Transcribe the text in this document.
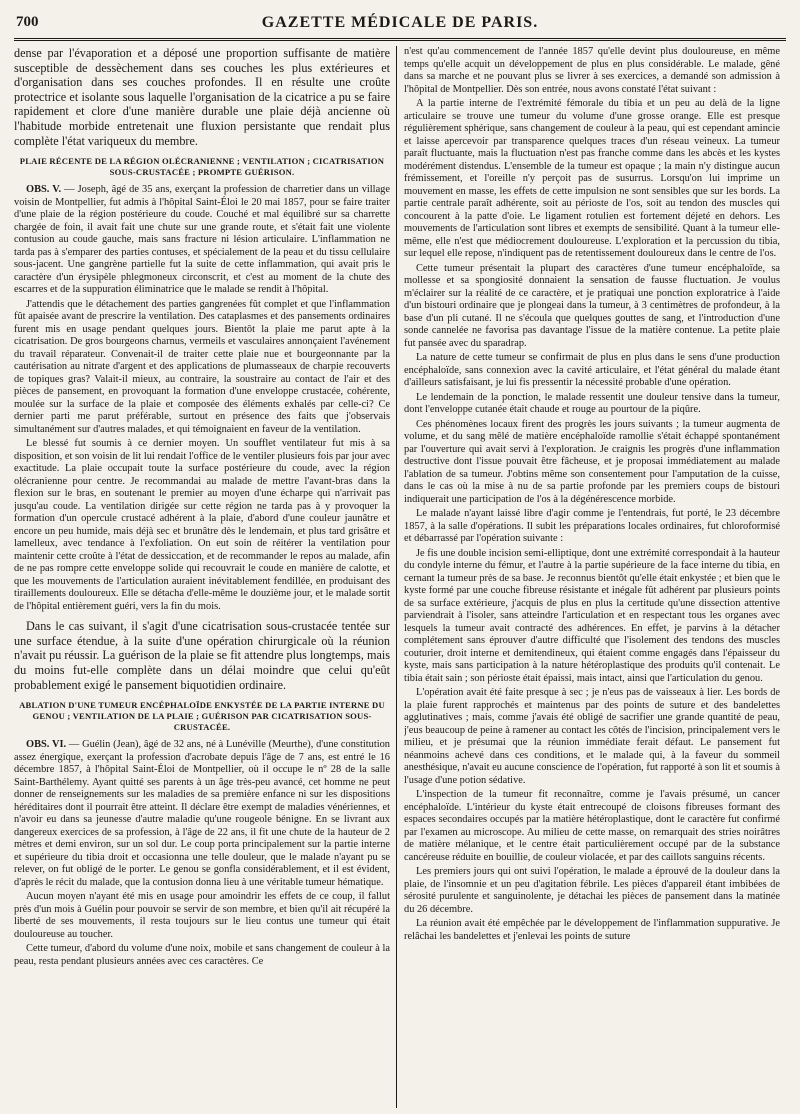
700	GAZETTE MÉDICALE DE PARIS.

dense par l'évaporation et a déposé une proportion suffisante de matière susceptible de dessèchement dans ses couches les plus extérieures et d'organisation dans ses couches profondes. Il en résulte une croûte protectrice et isolante sous laquelle l'organisation de la cicatrice a pu se faire rapidement et clore d'une manière durable une plaie déjà ancienne où l'habitude morbide entretenait une fluxion persistante que rendait plus complète l'état variqueux du membre.

PLAIE RÉCENTE DE LA RÉGION OLÉCRANIENNE ; VENTILATION ; CICATRISATION SOUS-CRUSTACÉE ; PROMPTE GUÉRISON.

OBS. V. — Joseph, âgé de 35 ans, exerçant la profession de charretier dans un village voisin de Montpellier, fut admis à l'hôpital Saint-Éloi le 20 mai 1857, pour se faire traiter d'une plaie de la région postérieure du coude. Couché et mal équilibré sur sa charrette chargée de foin, il avait fait une chute sur une grande route, et s'était fait une violente contusion au coude gauche, mais sans fracture ni lésion articulaire. L'inflammation ne tarda pas à s'emparer des parties contuses, et spécialement de la peau et du tissu cellulaire sous-jacent. Une gangrène partielle fut la suite de cette inflammation, qui avait pris le caractère d'un érysipèle phlegmoneux circonscrit, et c'est au moment de la chute des escarres et de la suppuration éliminatrice que le malade se rendit à l'hôpital.

J'attendis que le détachement des parties gangrenées fût complet et que l'inflammation fût apaisée avant de prescrire la ventilation. Des cataplasmes et des pansements ordinaires furent mis en usage pendant quelques jours. Bientôt la plaie me parut apte à la cicatrisation. De gros bourgeons charnus, vermeils et vasculaires annonçaient l'avénement du travail réparateur. Convenait-il de traiter cette plaie nue et bourgeonnante par la cautérisation au nitrate d'argent et des applications de plumasseaux de charpie recouverts de topiques gras? Valait-il mieux, au contraire, la soustraire au contact de l'air et des pièces de pansement, en provoquant la formation d'une enveloppe crustacée, cohérente, moulée sur la surface de la plaie et composée des éléments exhalés par celle-ci? Ce dernier parti me parut préférable, surtout en présence des faits que j'observais simultanément sur d'autres malades, et qui témoignaient en faveur de la ventilation.

Le blessé fut soumis à ce dernier moyen. Un soufflet ventilateur fut mis à sa disposition, et son voisin de lit lui rendait l'office de le ventiler plusieurs fois par jour avec exactitude. La plaie occupait toute la surface postérieure du coude, avec la région olécranienne pour centre. Je recommandai au malade de mettre l'avant-bras dans la flexion sur le bras, en soutenant le premier au moyen d'une écharpe qui n'arrivait pas jusqu'au coude. La ventilation dirigée sur cette région ne tarda pas à y provoquer la formation d'un opercule crustacé adhérent à la plaie, d'abord d'une couleur jaunâtre et encore un peu humide, mais déjà sec et brunâtre dès le lendemain, et plus tard grisâtre et lamelleux, avec tendance à l'exfoliation. On eut soin de réitérer la ventilation pour maintenir cette croûte à l'état de dessiccation, et de recommander le repos au malade, afin de ne pas rompre cette enveloppe solide qui recouvrait le coude en manière de calotte, et que les mouvements de l'articulation auraient inévitablement fendillée, en produisant des tiraillements douloureux. Elle se détacha d'elle-même le douzième jour, et le malade sortit de l'hôpital entièrement guéri, vers la fin du mois.

Dans le cas suivant, il s'agit d'une cicatrisation sous-crustacée tentée sur une surface étendue, à la suite d'une opération chirurgicale où la réunion n'avait pu réussir. La guérison de la plaie se fit attendre plus longtemps, mais du moins fut-elle complète dans un délai moindre que celui qu'eût probablement exigé le pansement biquotidien ordinaire.

ABLATION D'UNE TUMEUR ENCÉPHALOÏDE ENKYSTÉE DE LA PARTIE INTERNE DU GENOU ; VENTILATION DE LA PLAIE ; GUÉRISON PAR CICATRISATION SOUS-CRUSTACÉE.

OBS. VI. — Guélin (Jean), âgé de 32 ans, né à Lunéville (Meurthe), d'une constitution assez énergique, exerçant la profession d'acrobate depuis l'âge de 7 ans, est entré le 16 décembre 1857, à l'hôpital Saint-Éloi de Montpellier, où il occupe le nº 28 de la salle Saint-Barthélemy. Ayant quitté ses parents à un âge très-peu avancé, cet homme ne peut donner de renseignements sur les maladies de sa première enfance ni sur les dispositions héréditaires dont il pourrait être atteint. Il déclare être exempt de maladies vénériennes, et n'avoir eu dans sa jeunesse d'autre maladie qu'une rougeole bénigne. En se livrant aux dangereux exercices de sa profession, à l'âge de 22 ans, il fit une chute de la hauteur de 2 mètres et demi environ, sur un sol dur. Le coup porta principalement sur la partie interne et supérieure du tibia droit et occasionna une telle douleur, que le malade n'ayant pu se relever, on fut obligé de le porter. Le genou se gonfla considérablement, et il est évident, d'après le récit du malade, que la contusion donna lieu à une véritable tumeur hématique.

Aucun moyen n'ayant été mis en usage pour amoindrir les effets de ce coup, il fallut près d'un mois à Guélin pour pouvoir se servir de son membre, et bien qu'il ait récupéré la liberté de ses mouvements, il resta toujours sur le lieu contus une tumeur qui était douloureuse au toucher.

Cette tumeur, d'abord du volume d'une noix, mobile et sans changement de couleur à la peau, resta pendant plusieurs années avec ces caractères. Ce

n'est qu'au commencement de l'année 1857 qu'elle devint plus douloureuse, en même temps qu'elle acquit un développement de plus en plus considérable. Le malade, gêné dans sa marche et ne pouvant plus se livrer à ses exercices, a demandé son admission à l'hôpital de Montpellier. Dès son entrée, nous avons constaté l'état suivant :

A la partie interne de l'extrémité fémorale du tibia et un peu au delà de la ligne articulaire se trouve une tumeur du volume d'une grosse orange. Elle est presque régulièrement sphérique, sans changement de couleur à la peau, qui est cependant amincie et laisse apercevoir par transparence quelques traces d'un réseau veineux. La tumeur paraît fluctuante, mais la fluctuation n'est pas franche comme dans les abcès et les kystes modérément distendus. L'ensemble de la tumeur est opaque ; la main n'y distingue aucun frémissement, et l'oreille n'y perçoit pas de susurrus. Lorsqu'on lui imprime un mouvement en masse, les effets de cette impulsion ne sont sensibles que sur les bords. La partie centrale paraît adhérente, soit au périoste de l'os, soit au tendon des muscles qui concourent à la patte d'oie. Le ligament rotulien est fortement déjeté en dehors. Les mouvements de l'articulation sont libres et exempts de sensibilité. Quant à la tumeur elle-même, elle n'est que médiocrement douloureuse. L'exploration et la percussion du tibia, sur lequel elle repose, n'indiquent pas de retentissement douloureux dans le centre de l'os.

Cette tumeur présentait la plupart des caractères d'une tumeur encéphaloïde, sa mollesse et sa spongiosité donnaient la sensation de fausse fluctuation. Je voulus m'éclairer sur la réalité de ce caractère, et je pratiquai une ponction exploratrice à l'aide d'un bistouri ordinaire que je plongeai dans la tumeur, à 3 centimètres de profondeur, à la base d'un pli cutané. Il ne s'écoula que quelques gouttes de sang, et l'introduction d'une sonde cannelée ne favorisa pas davantage l'issue de la matière contenue. La petite plaie fut pansée avec du sparadrap.

La nature de cette tumeur se confirmait de plus en plus dans le sens d'une production encéphaloïde, sans connexion avec la cavité articulaire, et l'état général du malade étant d'ailleurs satisfaisant, je lui fis pressentir la nécessité probable d'une opération.

Le lendemain de la ponction, le malade ressentit une douleur tensive dans la tumeur, dont l'enveloppe cutanée était chaude et rouge au pourtour de la piqûre.

Ces phénomènes locaux firent des progrès les jours suivants ; la tumeur augmenta de volume, et du sang mêlé de matière encéphaloïde ramollie s'était échappé spontanément par l'ouverture qui avait servi à l'exploration. Je craignis les progrès d'une inflammation destructive dont l'issue pouvait être fâcheuse, et je proposai immédiatement au malade l'ablation de sa tumeur. J'obtins même son consentement pour l'amputation de la cuisse, dans le cas où la mise à nu de sa partie profonde par les premiers coups de bistouri indiquerait une participation de l'os à la dégénérescence morbide.

Le malade n'ayant laissé libre d'agir comme je l'entendrais, fut porté, le 23 décembre 1857, à la salle d'opérations. Il subit les préparations locales ordinaires, fut chloroformisé et débarrassé par l'opération suivante :

Je fis une double incision semi-elliptique, dont une extrémité correspondait à la hauteur du condyle interne du fémur, et l'autre à la partie supérieure de la face interne du tibia, en cernant la tumeur près de sa base. Je reconnus bientôt qu'elle était enkystée ; et bien que le kyste formé par une couche fibreuse résistante et inégale fût adhérent par plusieurs points de sa surface extérieure, j'acquis de plus en plus la certitude qu'une dissection attentive parviendrait à l'isoler, sans atteindre l'articulation et en respectant tous les organes avec lesquels la tumeur avait contracté des adhérences. En effet, je parvins à la détacher complétement sans éprouver d'autre difficulté que l'isolement des tendons des muscles couturier, droit interne et demitendineux, qui étaient comme engagés dans l'épaisseur du kyste, mais sans participation à la nature hétéroplastique des produits qu'il contenait. Le tibia était sain ; son périoste était épaissi, mais intact, ainsi que l'articulation du genou.

L'opération avait été faite presque à sec ; je n'eus pas de vaisseaux à lier. Les bords de la plaie furent rapprochés et maintenus par des points de suture et des bandelettes agglutinatives ; mais, comme j'avais été obligé de sacrifier une grande quantité de peau, j'eus beaucoup de peine à ramener au contact les côtés de l'incision, principalement vers le milieu, et je présumai que la réunion immédiate ferait défaut. Le pansement fut néanmoins achevé dans ces conditions, et le malade qui, à la faveur du sommeil anesthésique, n'avait eu aucune conscience de l'opération, fut rapporté à son lit et soumis à l'usage d'une potion sédative.

L'inspection de la tumeur fit reconnaître, comme je l'avais présumé, un cancer encéphaloïde. L'intérieur du kyste était entrecoupé de cloisons fibreuses formant des espaces secondaires occupés par la matière hétéroplastique, dont le caractère fut confirmé par l'examen au microscope. Au milieu de cette masse, on remarquait des stries noirâtres de matière mélanique, et le centre était particulièrement occupé par de la substance cancéreuse réduite en bouillie, de couleur violacée, et par des caillots sanguins récents.

Les premiers jours qui ont suivi l'opération, le malade a éprouvé de la douleur dans la plaie, de l'insomnie et un peu d'agitation fébrile. Les pièces d'appareil étant imbibées de sérosité purulente et sanguinolente, je détachai les pièces de pansement dans la matinée du 26 décembre.

La réunion avait été empêchée par le développement de l'inflammation suppurative. Je relâchai les bandelettes et j'enlevai les points de suture
